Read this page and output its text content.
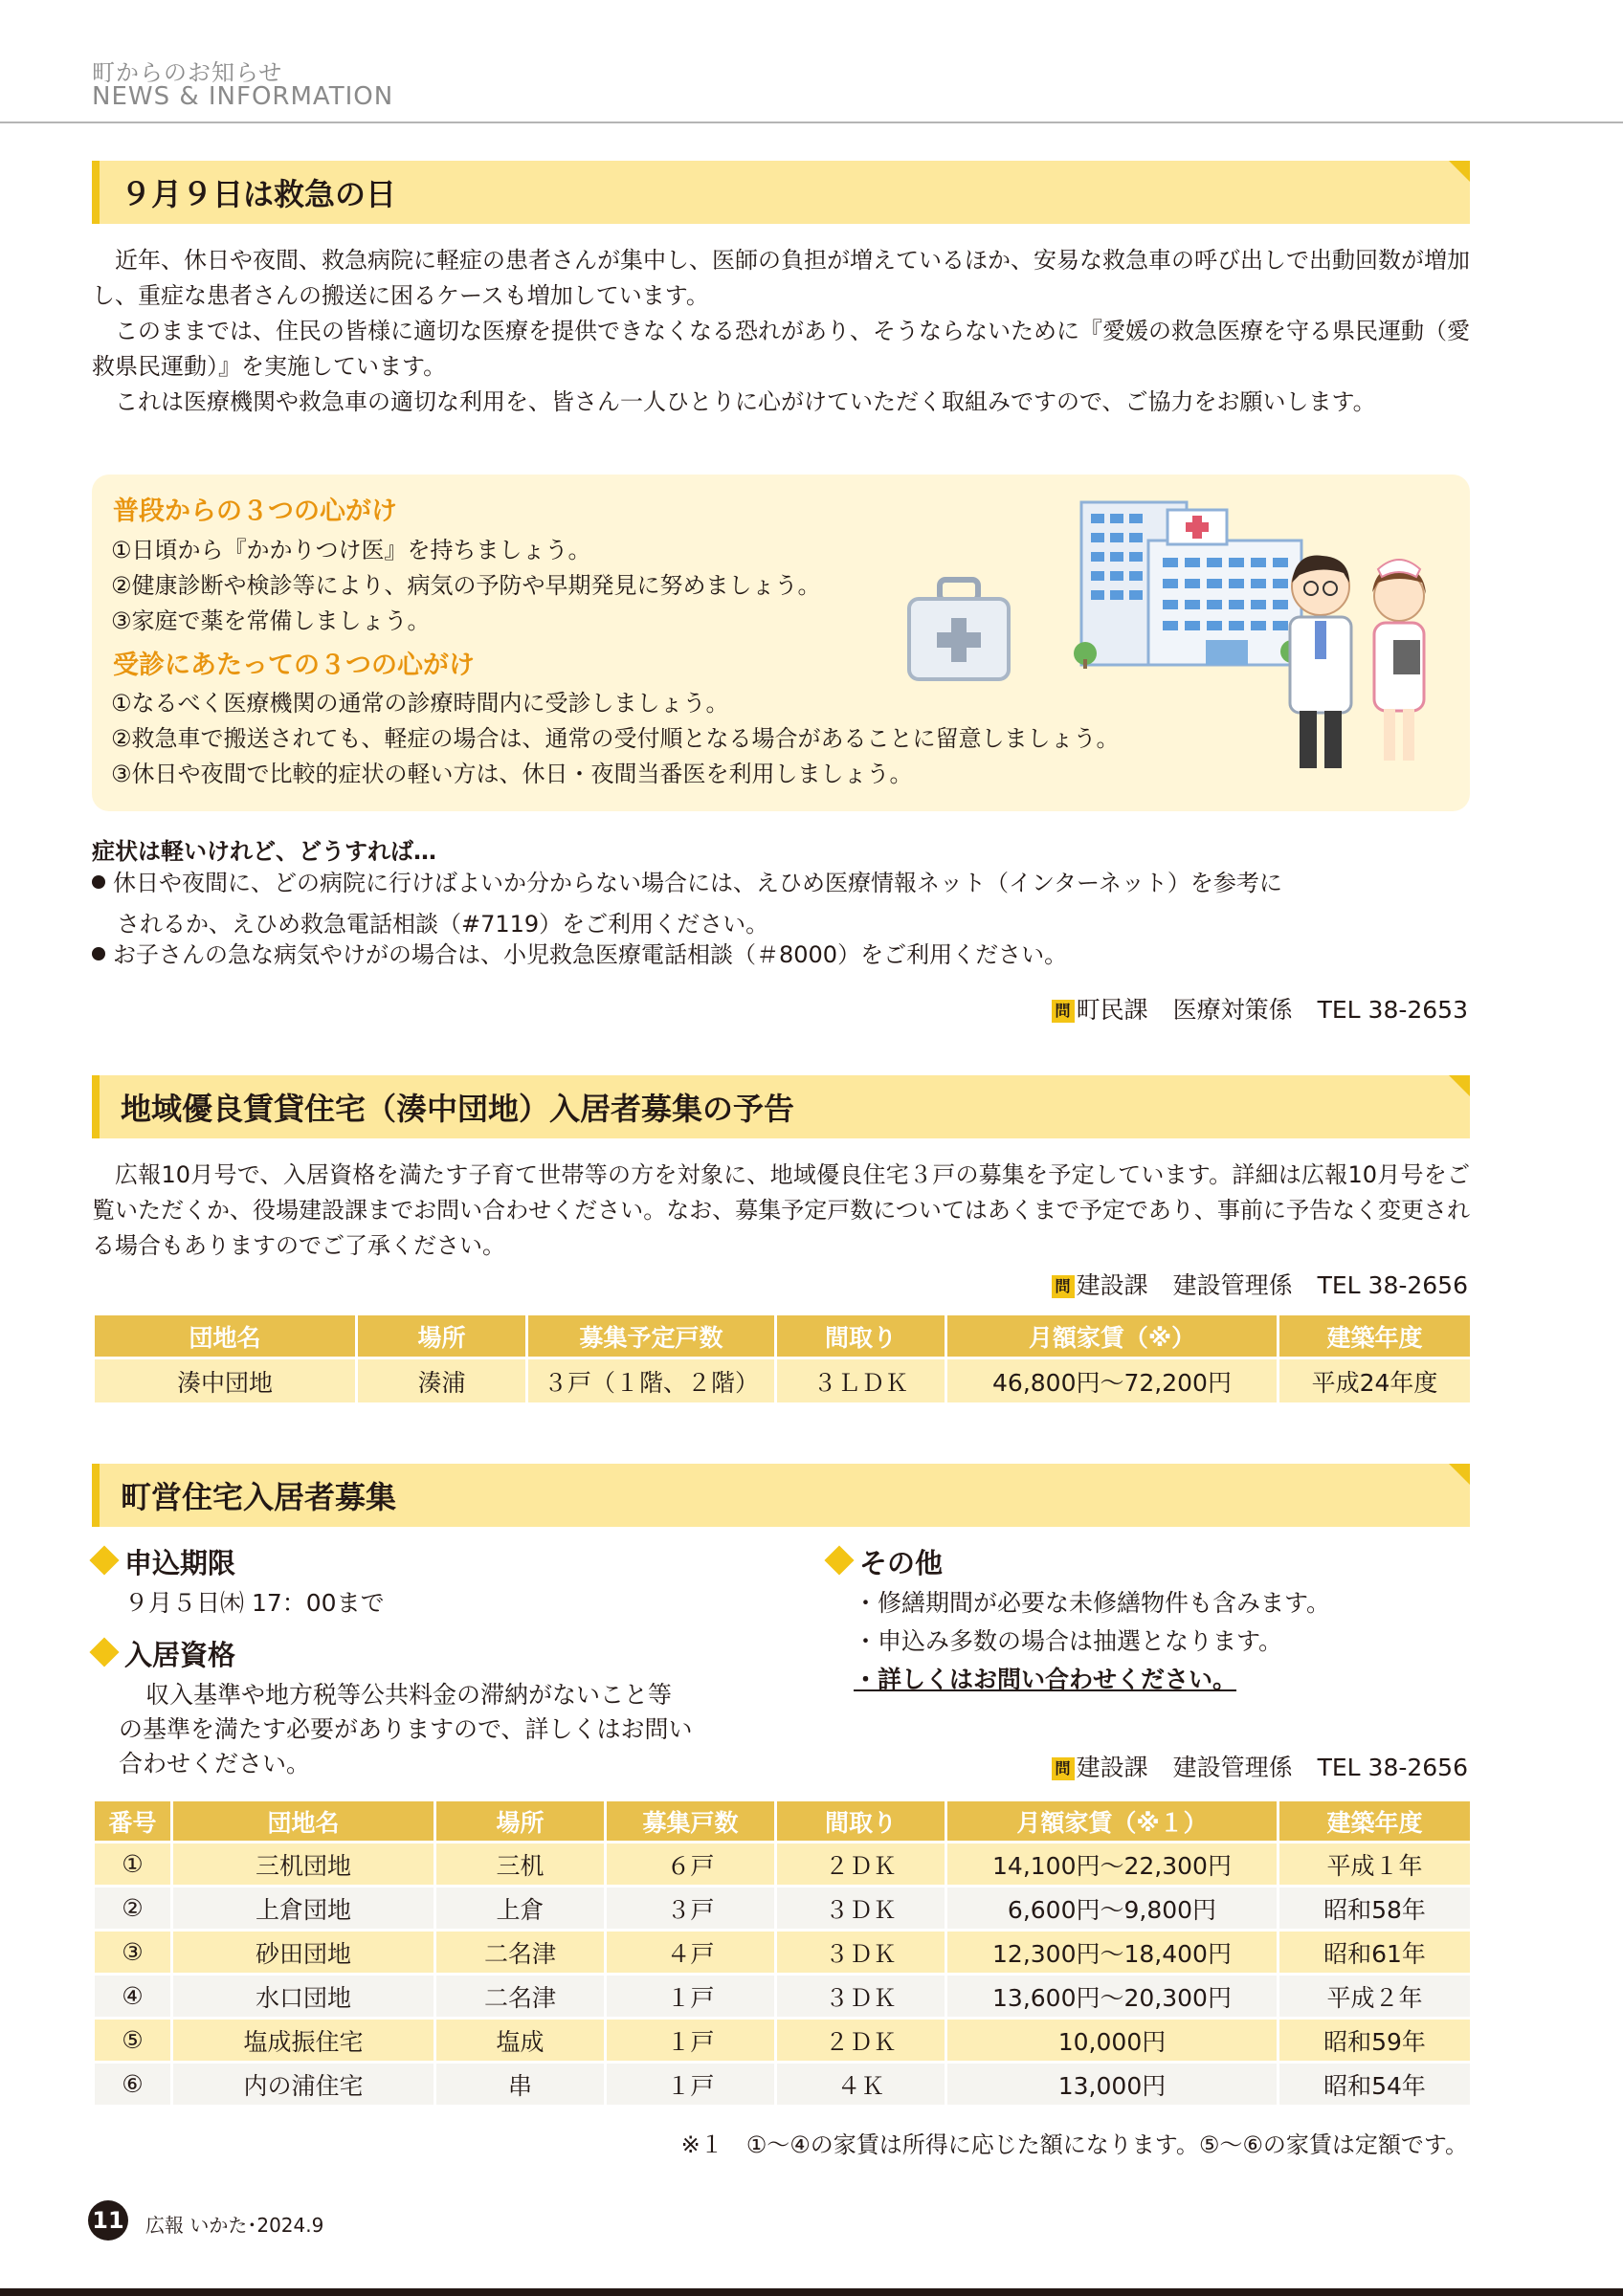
町からのお知らせ
NEWS & INFORMATION
９月９日は救急の日
近年、休日や夜間、救急病院に軽症の患者さんが集中し、医師の負担が増えているほか、安易な救急車の呼び出しで出動回数が増加し、重症な患者さんの搬送に困るケースも増加しています。
このままでは、住民の皆様に適切な医療を提供できなくなる恐れがあり、そうならないために『愛媛の救急医療を守る県民運動（愛救県民運動）』を実施しています。
これは医療機関や救急車の適切な利用を、皆さん一人ひとりに心がけていただく取組みですので、ご協力をお願いします。
普段からの３つの心がけ
①日頃から『かかりつけ医』を持ちましょう。
②健康診断や検診等により、病気の予防や早期発見に努めましょう。
③家庭で薬を常備しましょう。
受診にあたっての３つの心がけ
①なるべく医療機関の通常の診療時間内に受診しましょう。
②救急車で搬送されても、軽症の場合は、通常の受付順となる場合があることに留意しましょう。
③休日や夜間で比較的症状の軽い方は、休日・夜間当番医を利用しましょう。
症状は軽いけれど、どうすれば…
休日や夜間に、どの病院に行けばよいか分からない場合には、えひめ医療情報ネット（インターネット）を参考に
されるか、えひめ救急電話相談（#7119）をご利用ください。
お子さんの急な病気やけがの場合は、小児救急医療電話相談（＃8000）をご利用ください。
問 町民課 医療対策係 TEL 38-2653
地域優良賃貸住宅（湊中団地）入居者募集の予告
広報10月号で、入居資格を満たす子育て世帯等の方を対象に、地域優良住宅３戸の募集を予定しています。詳細は広報10月号をご覧いただくか、役場建設課までお問い合わせください。なお、募集予定戸数についてはあくまで予定であり、事前に予告なく変更される場合もありますのでご了承ください。
問 建設課 建設管理係 TEL 38-2656
団地名	場所	募集予定戸数	間取り	月額家賃（※）	建築年度
湊中団地	湊浦	３戸（１階、２階）	３ＬＤＫ	46,800円～72,200円	平成24年度
町営住宅入居者募集
申込期限
９月５日㈭ 17：00まで
入居資格
収入基準や地方税等公共料金の滞納がないこと等
の基準を満たす必要がありますので、詳しくはお問い
合わせください。
その他
・修繕期間が必要な未修繕物件も含みます。
・申込み多数の場合は抽選となります。
・詳しくはお問い合わせください。
問 建設課 建設管理係 TEL 38-2656
番号	団地名	場所	募集戸数	間取り	月額家賃（※１）	建築年度
①	三机団地	三机	６戸	２ＤＫ	14,100円～22,300円	平成１年
②	上倉団地	上倉	３戸	３ＤＫ	6,600円～9,800円	昭和58年
③	砂田団地	二名津	４戸	３ＤＫ	12,300円～18,400円	昭和61年
④	水口団地	二名津	１戸	３ＤＫ	13,600円～20,300円	平成２年
⑤	塩成振住宅	塩成	１戸	２ＤＫ	10,000円	昭和59年
⑥	内の浦住宅	串	１戸	４Ｋ	13,000円	昭和54年
※１　①～④の家賃は所得に応じた額になります。⑤～⑥の家賃は定額です。
11 広報 いかた･2024.9
